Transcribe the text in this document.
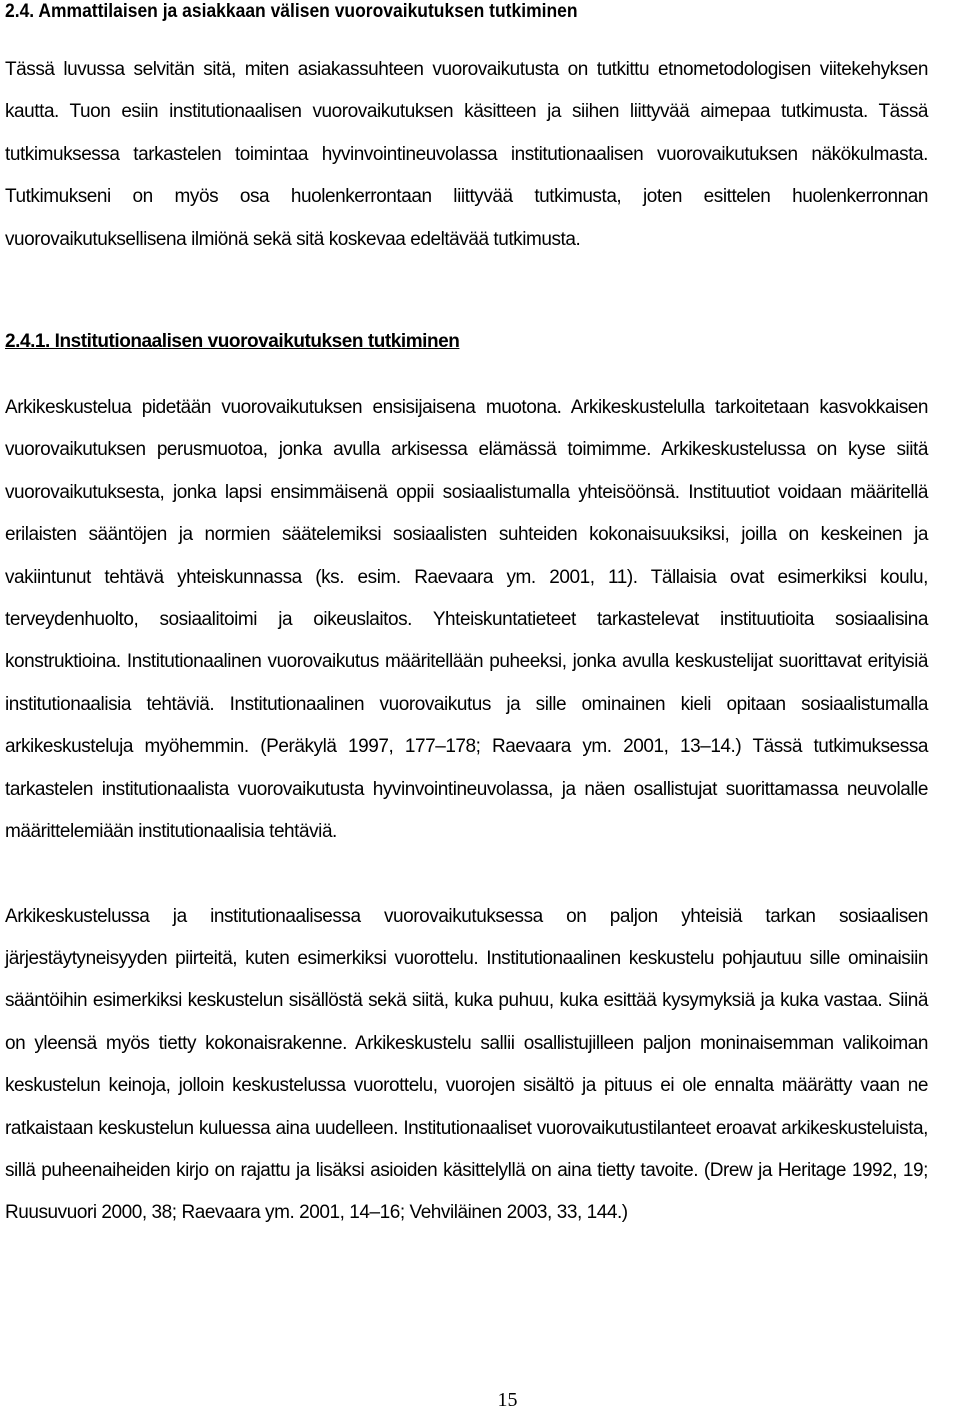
2.4. Ammattilaisen ja asiakkaan välisen vuorovaikutuksen tutkiminen

Tässä luvussa selvitän sitä, miten asiakassuhteen vuorovaikutusta on tutkittu etnometodologisen viitekehyksen kautta. Tuon esiin institutionaalisen vuorovaikutuksen käsitteen ja siihen liittyvää aimepaa tutkimusta. Tässä tutkimuksessa tarkastelen toimintaa hyvinvointineuvolassa institutionaalisen vuorovaikutuksen näkökulmasta. Tutkimukseni on myös osa huolenkerrontaan liittyvää tutkimusta, joten esittelen huolenkerronnan vuorovaikutuksellisena ilmiönä sekä sitä koskevaa edeltävää tutkimusta.

2.4.1. Institutionaalisen vuorovaikutuksen tutkiminen

Arkikeskustelua pidetään vuorovaikutuksen ensisijaisena muotona. Arkikeskustelulla tarkoitetaan kasvokkaisen vuorovaikutuksen perusmuotoa, jonka avulla arkisessa elämässä toimimme. Arkikeskustelussa on kyse siitä vuorovaikutuksesta, jonka lapsi ensimmäisenä oppii sosiaalistumalla yhteisöönsä. Instituutiot voidaan määritellä erilaisten sääntöjen ja normien säätelemiksi sosiaalisten suhteiden kokonaisuuksiksi, joilla on keskeinen ja vakiintunut tehtävä yhteiskunnassa (ks. esim. Raevaara ym. 2001, 11). Tällaisia ovat esimerkiksi koulu, terveydenhuolto, sosiaalitoimi ja oikeuslaitos. Yhteiskuntatieteet tarkastelevat instituutioita sosiaalisina konstruktioina. Institutionaalinen vuorovaikutus määritellään puheeksi, jonka avulla keskustelijat suorittavat erityisiä institutionaalisia tehtäviä. Institutionaalinen vuorovaikutus ja sille ominainen kieli opitaan sosiaalistumalla arkikeskusteluja myöhemmin. (Peräkylä 1997, 177–178; Raevaara ym. 2001, 13–14.) Tässä tutkimuksessa tarkastelen institutionaalista vuorovaikutusta hyvinvointineuvolassa, ja näen osallistujat suorittamassa neuvolalle määrittelemiään institutionaalisia tehtäviä.

Arkikeskustelussa ja institutionaalisessa vuorovaikutuksessa on paljon yhteisiä tarkan sosiaalisen järjestäytyneisyyden piirteitä, kuten esimerkiksi vuorottelu. Institutionaalinen keskustelu pohjautuu sille ominaisiin sääntöihin esimerkiksi keskustelun sisällöstä sekä siitä, kuka puhuu, kuka esittää kysymyksiä ja kuka vastaa. Siinä on yleensä myös tietty kokonaisrakenne. Arkikeskustelu sallii osallistujilleen paljon moninaisemman valikoiman keskustelun keinoja, jolloin keskustelussa vuorottelu, vuorojen sisältö ja pituus ei ole ennalta määrätty vaan ne ratkaistaan keskustelun kuluessa aina uudelleen. Institutionaaliset vuorovaikutustilanteet eroavat arkikeskusteluista, sillä puheenaiheiden kirjo on rajattu ja lisäksi asioiden käsittelyllä on aina tietty tavoite. (Drew ja Heritage 1992, 19; Ruusuvuori 2000, 38; Raevaara ym. 2001, 14–16; Vehviläinen 2003, 33, 144.)

15
